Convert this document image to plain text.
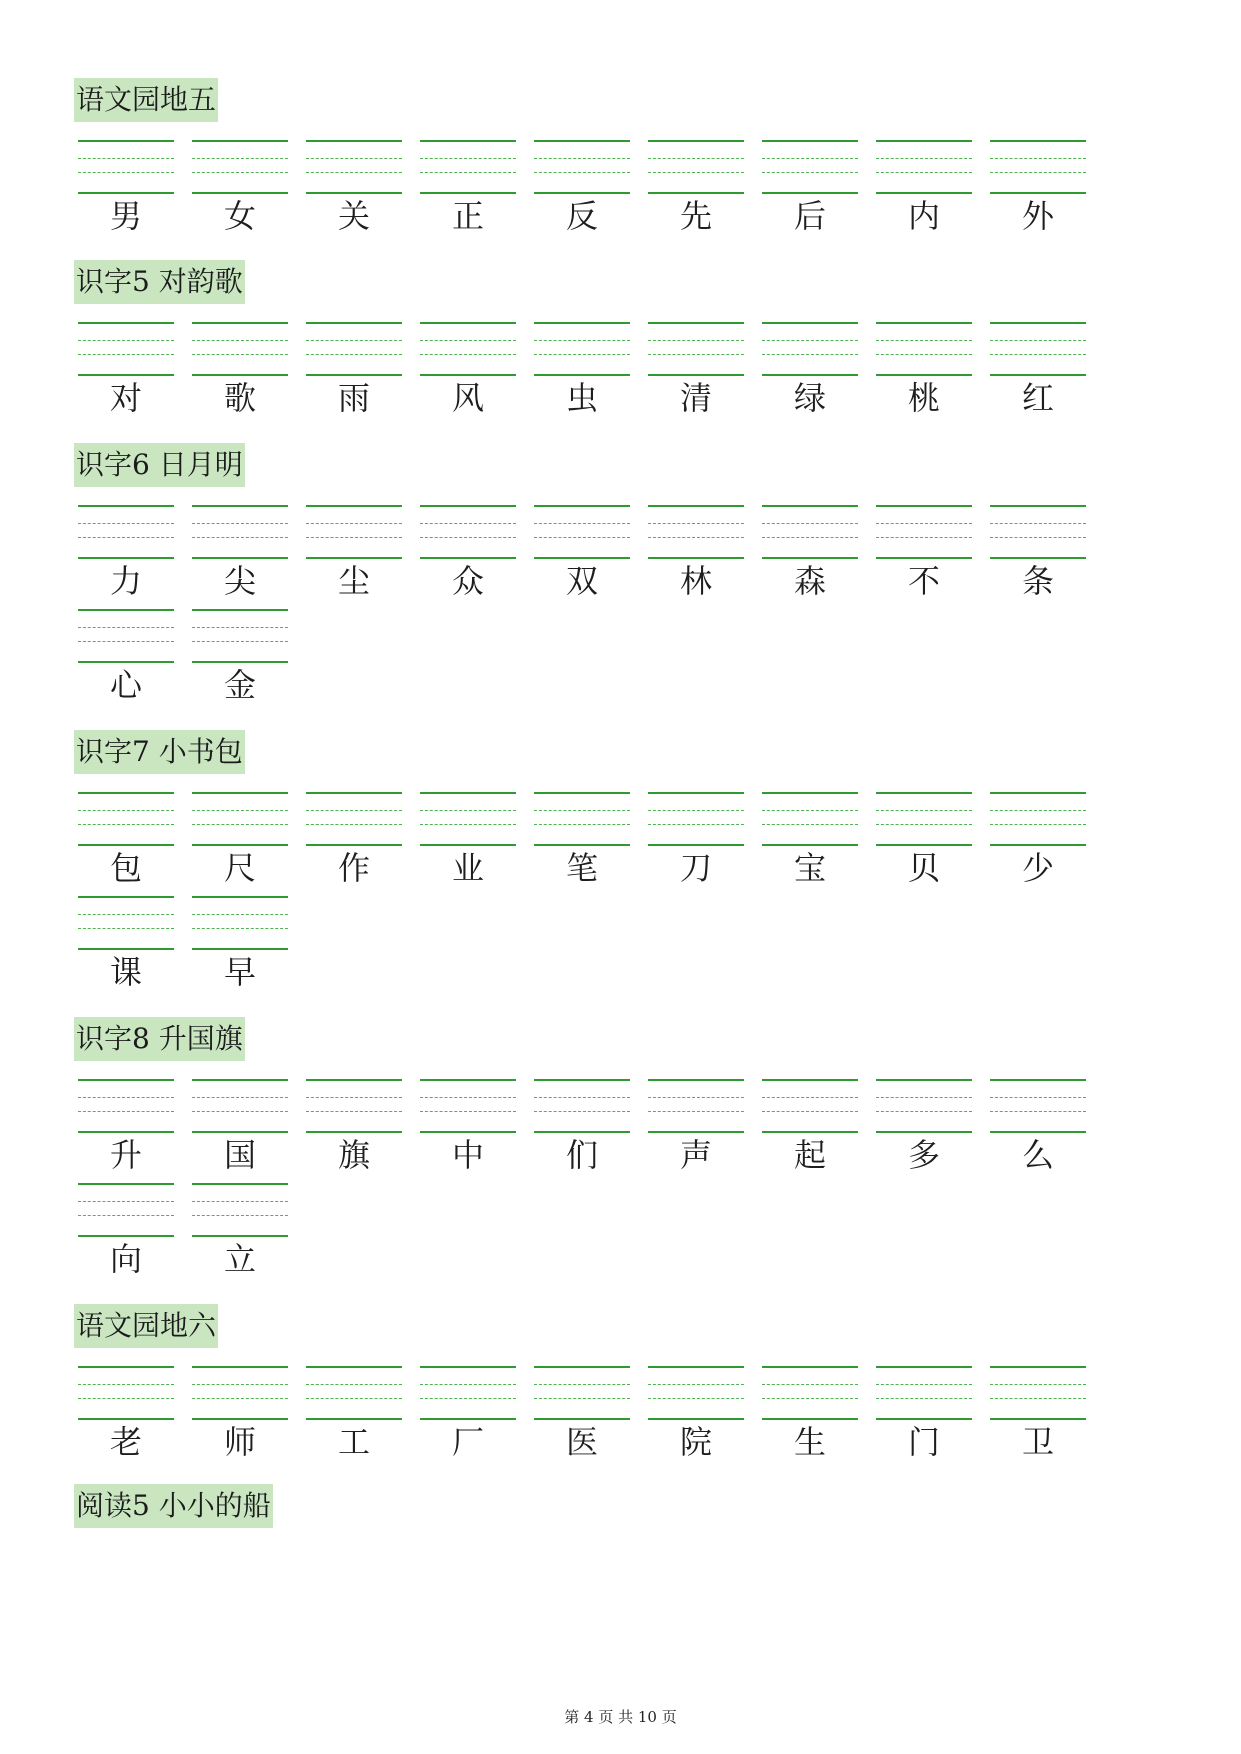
语文园地五
男	女	关	正	反	先	后	内	外
识字5 对韵歌
对	歌	雨	风	虫	清	绿	桃	红
识字6 日月明
力	尖	尘	众	双	林	森	不	条
心	金
识字7 小书包
包	尺	作	业	笔	刀	宝	贝	少
课	早
识字8 升国旗
升	国	旗	中	们	声	起	多	么
向	立
语文园地六
老	师	工	厂	医	院	生	门	卫
阅读5 小小的船
第 4 页 共 10 页
